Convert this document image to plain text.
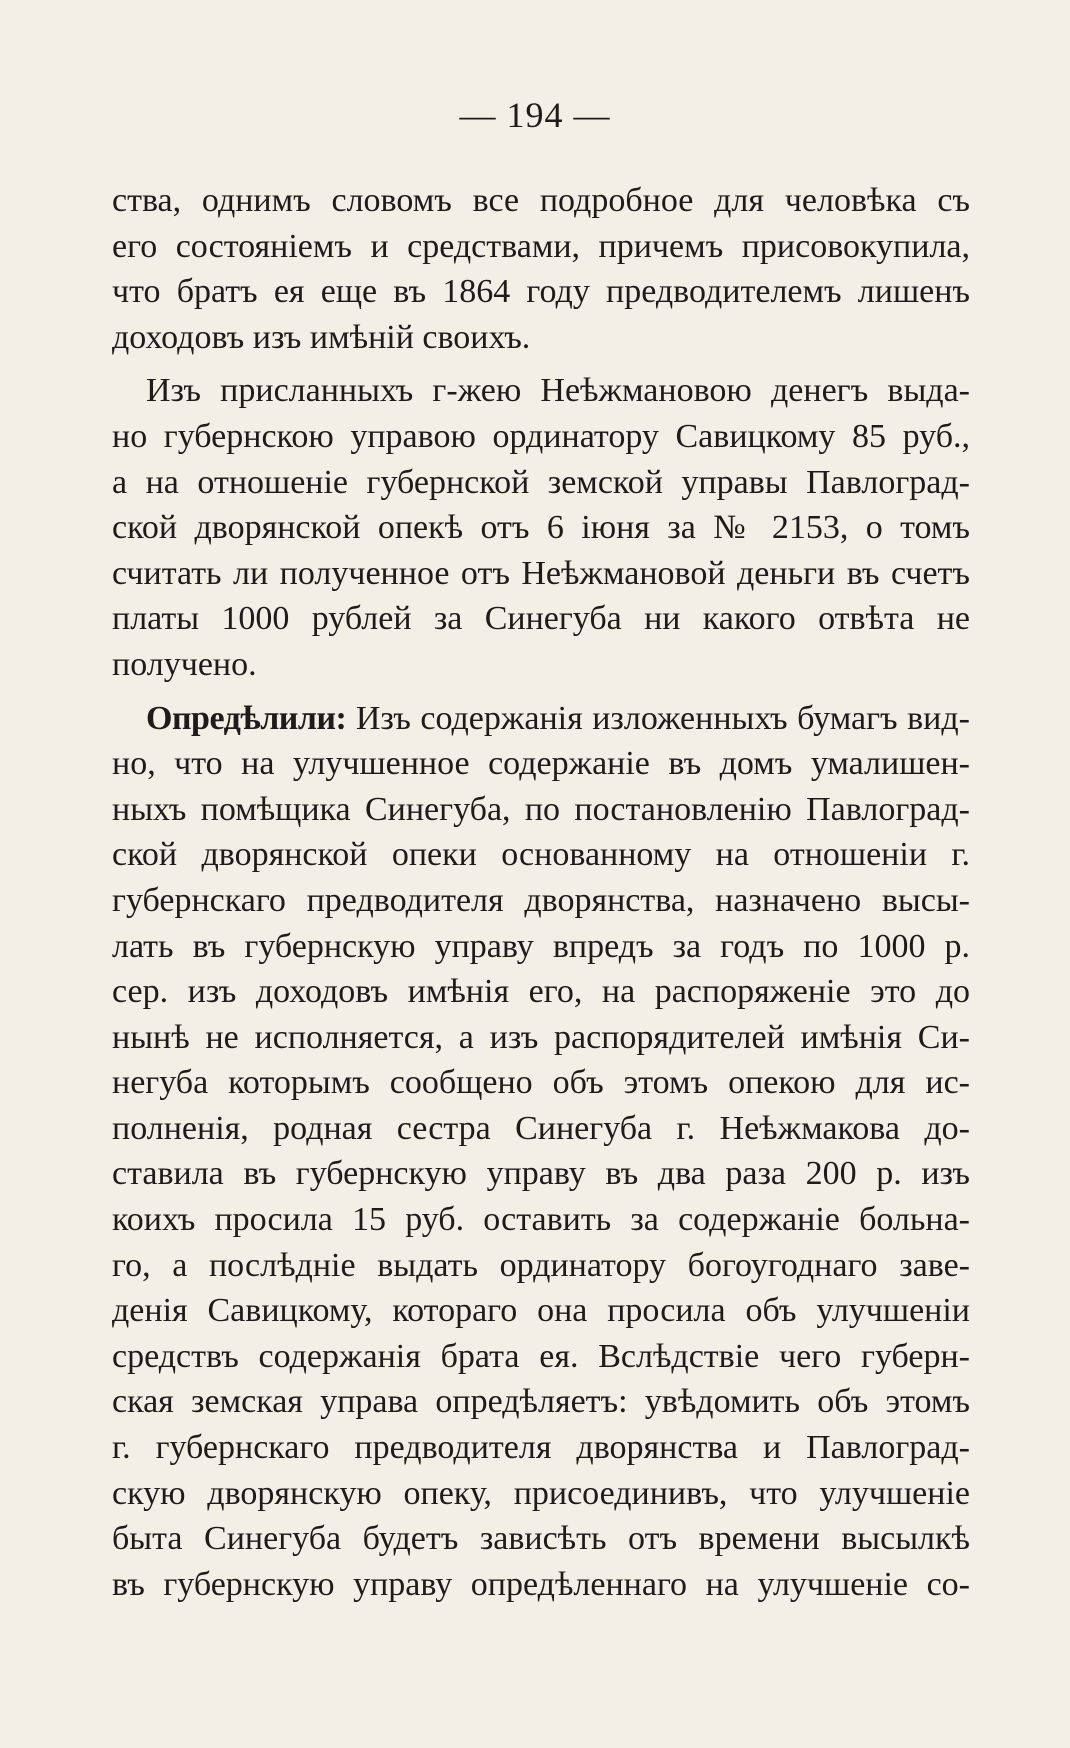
— 194 —
ства, однимъ словомъ все подробное для человѣка съ
его состояніемъ и средствами, причемъ присовокупила,
что братъ ея еще въ 1864 году предводителемъ лишенъ
доходовъ изъ имѣній своихъ.
Изъ присланныхъ г-жею Неѣжмановою денегъ выда-
но губернскою управою ординатору Савицкому 85 руб.,
а на отношеніе губернской земской управы Павлоград-
ской дворянской опекѣ отъ 6 іюня за № 2153, о томъ
считать ли полученное отъ Неѣжмановой деньги въ счетъ
платы 1000 рублей за Синегуба ни какого отвѣта не
получено.
Опредѣлили: Изъ содержанія изложенныхъ бумагъ вид-
но, что на улучшенное содержаніе въ домъ умалишен-
ныхъ помѣщика Синегуба, по постановленію Павлоград-
ской дворянской опеки основанному на отношеніи г.
губернскаго предводителя дворянства, назначено высы-
лать въ губернскую управу впредъ за годъ по 1000 р.
сер. изъ доходовъ имѣнія его, на распоряженіе это до
нынѣ не исполняется, а изъ распорядителей имѣнія Си-
негуба которымъ сообщено объ этомъ опекою для ис-
полненія, родная сестра Синегуба г. Неѣжмакова до-
ставила въ губернскую управу въ два раза 200 р. изъ
коихъ просила 15 руб. оставить за содержаніе больна-
го, а послѣдніе выдать ординатору богоугоднаго заве-
денія Савицкому, котораго она просила объ улучшеніи
средствъ содержанія брата ея. Вслѣдствіе чего губерн-
ская земская управа опредѣляетъ: увѣдомить объ этомъ
г. губернскаго предводителя дворянства и Павлоград-
скую дворянскую опеку, присоединивъ, что улучшеніе
быта Синегуба будетъ зависѣть отъ времени высылкѣ
въ губернскую управу опредѣленнаго на улучшеніе со-
